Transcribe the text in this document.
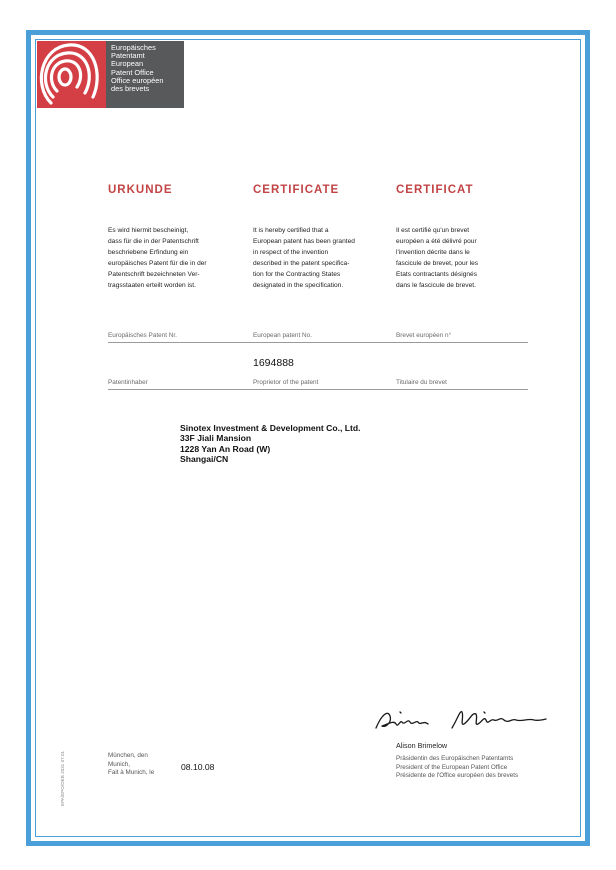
Europäisches
Patentamt
European
Patent Office
Office européen
des brevets
URKUNDE	CERTIFICATE	CERTIFICAT
Es wird hiermit bescheinigt,
dass für die in der Patentschrift
beschriebene Erfindung ein
europäisches Patent für die in der
Patentschrift bezeichneten Ver-
tragsstaaten erteilt worden ist.
It is hereby certified that a
European patent has been granted
in respect of the invention
described in the patent specifica-
tion for the Contracting States
designated in the specification.
Il est certifié qu'un brevet
européen a été délivré pour
l'invention décrite dans le
fascicule de brevet, pour les
Etats contractants désignés
dans le fascicule de brevet.
Europäisches Patent Nr.	European patent No.	Brevet européen n°
1694888
Patentinhaber	Proprietor of the patent	Titulaire du brevet
Sinotex Investment & Development Co., Ltd.
33F Jiali Mansion
1228 Yan An Road (W)
Shangai/CN
Alison Brimelow
Präsidentin des Europäischen Patentamts
President of the European Patent Office
Présidente de l'Office européen des brevets
München, den
Munich,
Fait à Munich, le
08.10.08
EPA/EPO/OEB 2031 07.01
